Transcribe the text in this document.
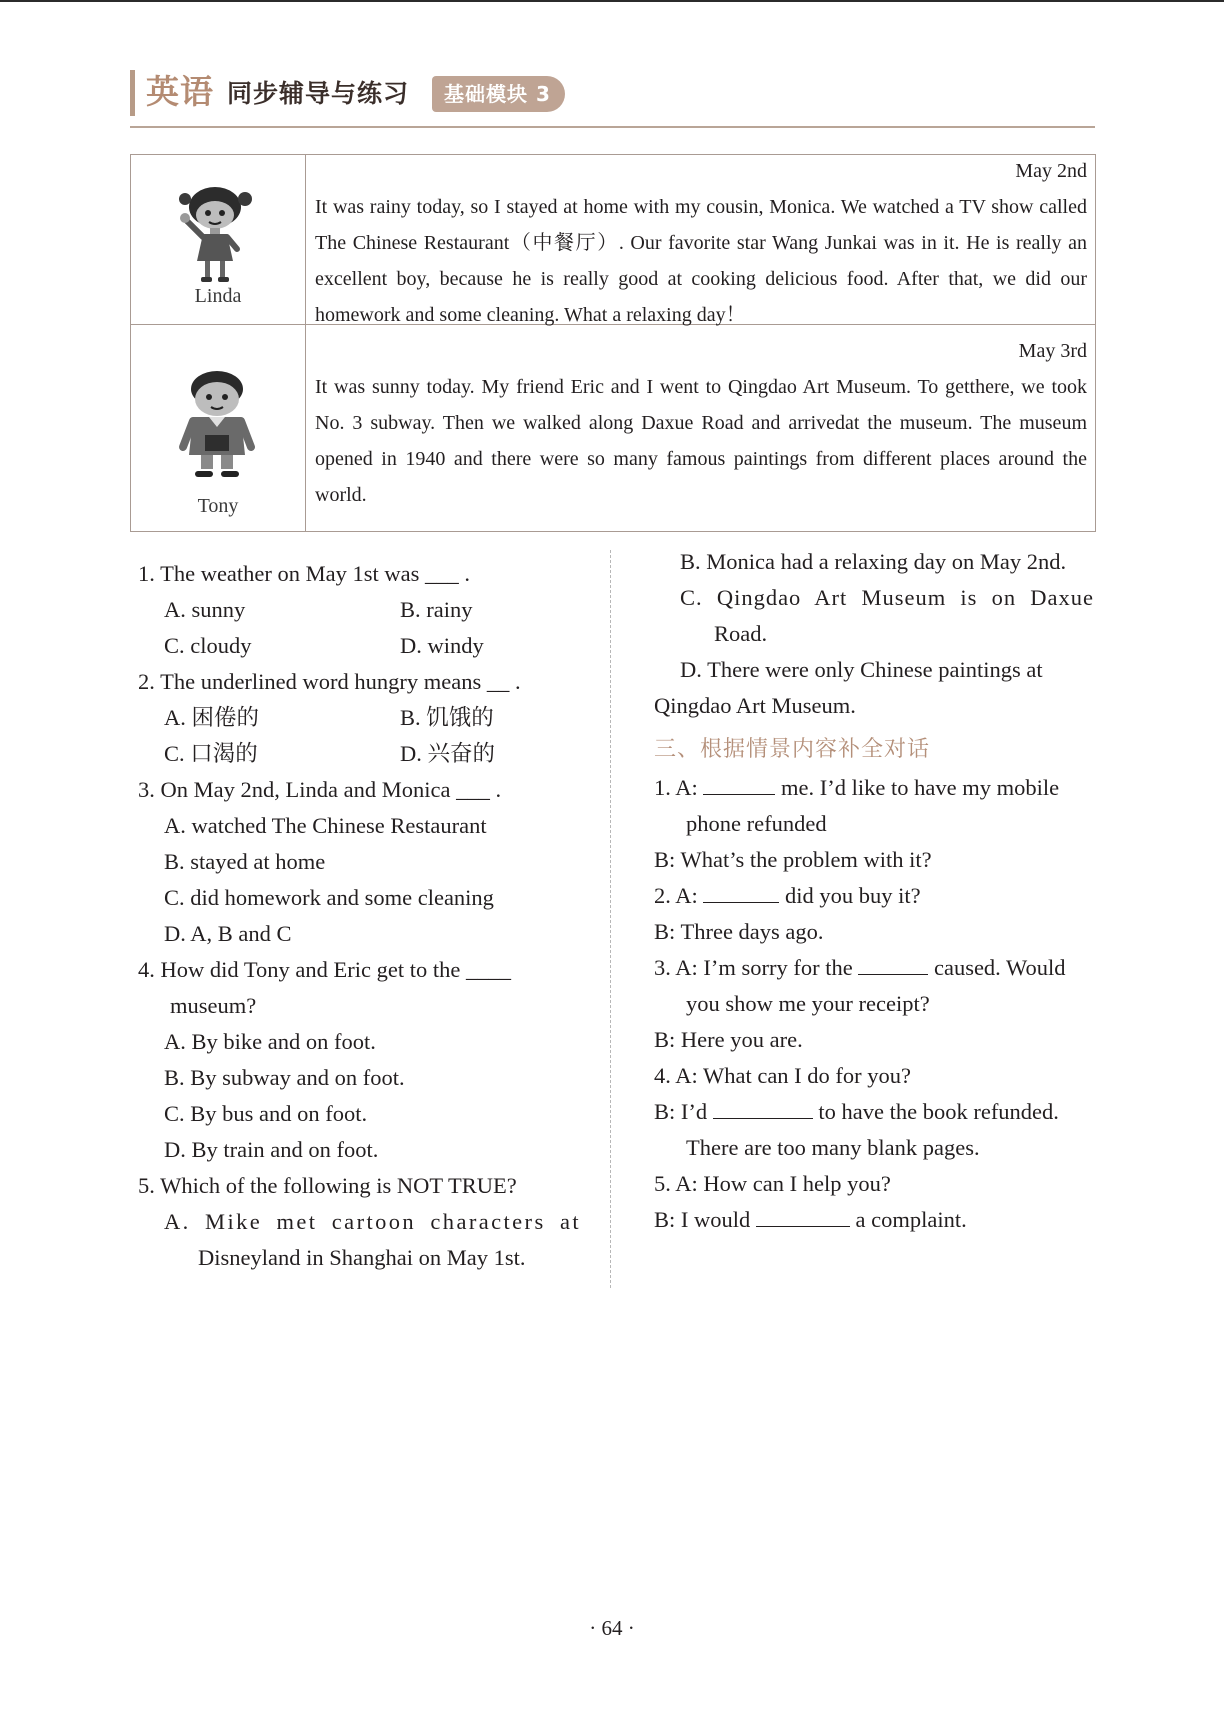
英语 同步辅导与练习	基础模块 3
Linda
May 2nd

It was rainy today, so I stayed at home with my cousin, Monica. We watched a TV show called The Chinese Restaurant（中餐厅）. Our favorite star Wang Junkai was in it. He is really an excellent boy, because he is really good at cooking delicious food. After that, we did our homework and some cleaning. What a relaxing day！

Tony
May 3rd

It was sunny today. My friend Eric and I went to Qingdao Art Museum. To getthere, we took No. 3 subway. Then we walked along Daxue Road and arrivedat the museum. The museum opened in 1940 and there were so many famous paintings from different places around the world.

1. The weather on May 1st was ___ .

A. sunny	B. rainy
C. cloudy	D. windy

2. The underlined word hungry means __ .

A. 困倦的	B. 饥饿的
C. 口渴的	D. 兴奋的

3. On May 2nd, Linda and Monica ___ .

A. watched The Chinese Restaurant
B. stayed at home
C. did homework and some cleaning
D. A, B and C

4. How did Tony and Eric get to the ____

museum?
A. By bike and on foot.
B. By subway and on foot.
C. By bus and on foot.
D. By train and on foot.

5. Which of the following is NOT TRUE?

A. Mike met cartoon characters at
Disneyland in Shanghai on May 1st.
B. Monica had a relaxing day on May 2nd.
C. Qingdao Art Museum is on Daxue
Road.
D. There were only Chinese paintings at
Qingdao Art Museum.
三、根据情景内容补全对话

1. A:	me. I’d like to have my mobile

phone refunded

B: What’s the problem with it?

2. A:	did you buy it?

B: Three days ago.

3. A: I’m sorry for the	caused. Would

you show me your receipt?

B: Here you are.

4. A: What can I do for you?

B: I’d	to have the book refunded.

There are too many blank pages.

5. A: How can I help you?

B: I would	a complaint.

· 64 ·
